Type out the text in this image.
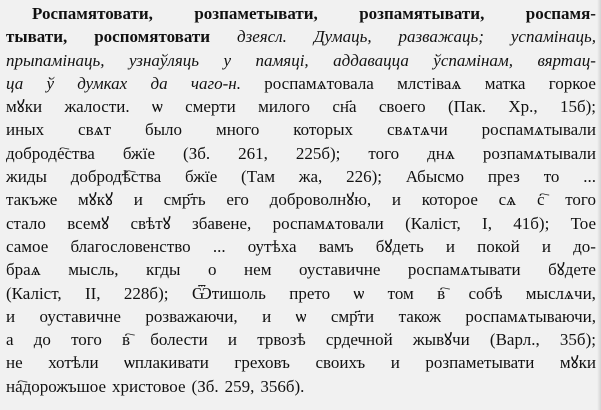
Роспамятовати, розпаметывати, розпамятывати, роспамя-
тывати, роспомятовати дзеясл. Думаць, разважаць; успамінаць,
прыпамінаць, узнаўляць у памяці, аддавацца ўспамінам, вяртац-
ца ў думках да чаго-н. роспамѧтовала млстіваѧ матка горкое
мꙋки жалости. ѡ смерти милого сн҃а своего (Пак. Хр., 15б);
иных свѧт было много которых свѧтѧчи роспамѧтывали
доброде҇ства бжїе (Зб. 261, 225б); того днѧ розпамѧтывали
жиды добродѣ҇ства бжїе (Там жа, 226); Абысмо през то ...
такъже мꙋкꙋ и смр҃ть его доброволнꙋю, и которое сѧ с҇ того
стало всемꙋ свѣтꙋ збавене, роспамѧтовали (Каліст, І, 41б); Тое
самое благословенство ... оутѣха вамъ бꙋдеть и покой и до-
браѧ мысль, кгды о нем оуставичне роспамѧтывати бꙋдете
(Каліст, ІІ, 228б); Ѿтишоль прето ѡ том в҇ собѣ мыслѧчи,
и оуставичне розважаючи, и ѡ смр҃ти також роспамѧтываючи,
а до того в҇ болести и трвозѣ срдечной жывꙋчи (Варл., 35б);
не хотѣли ѡплакивати греховъ своихъ и розпаметывати мꙋки
на҇дорожъшое христовое (Зб. 259, 356б).
